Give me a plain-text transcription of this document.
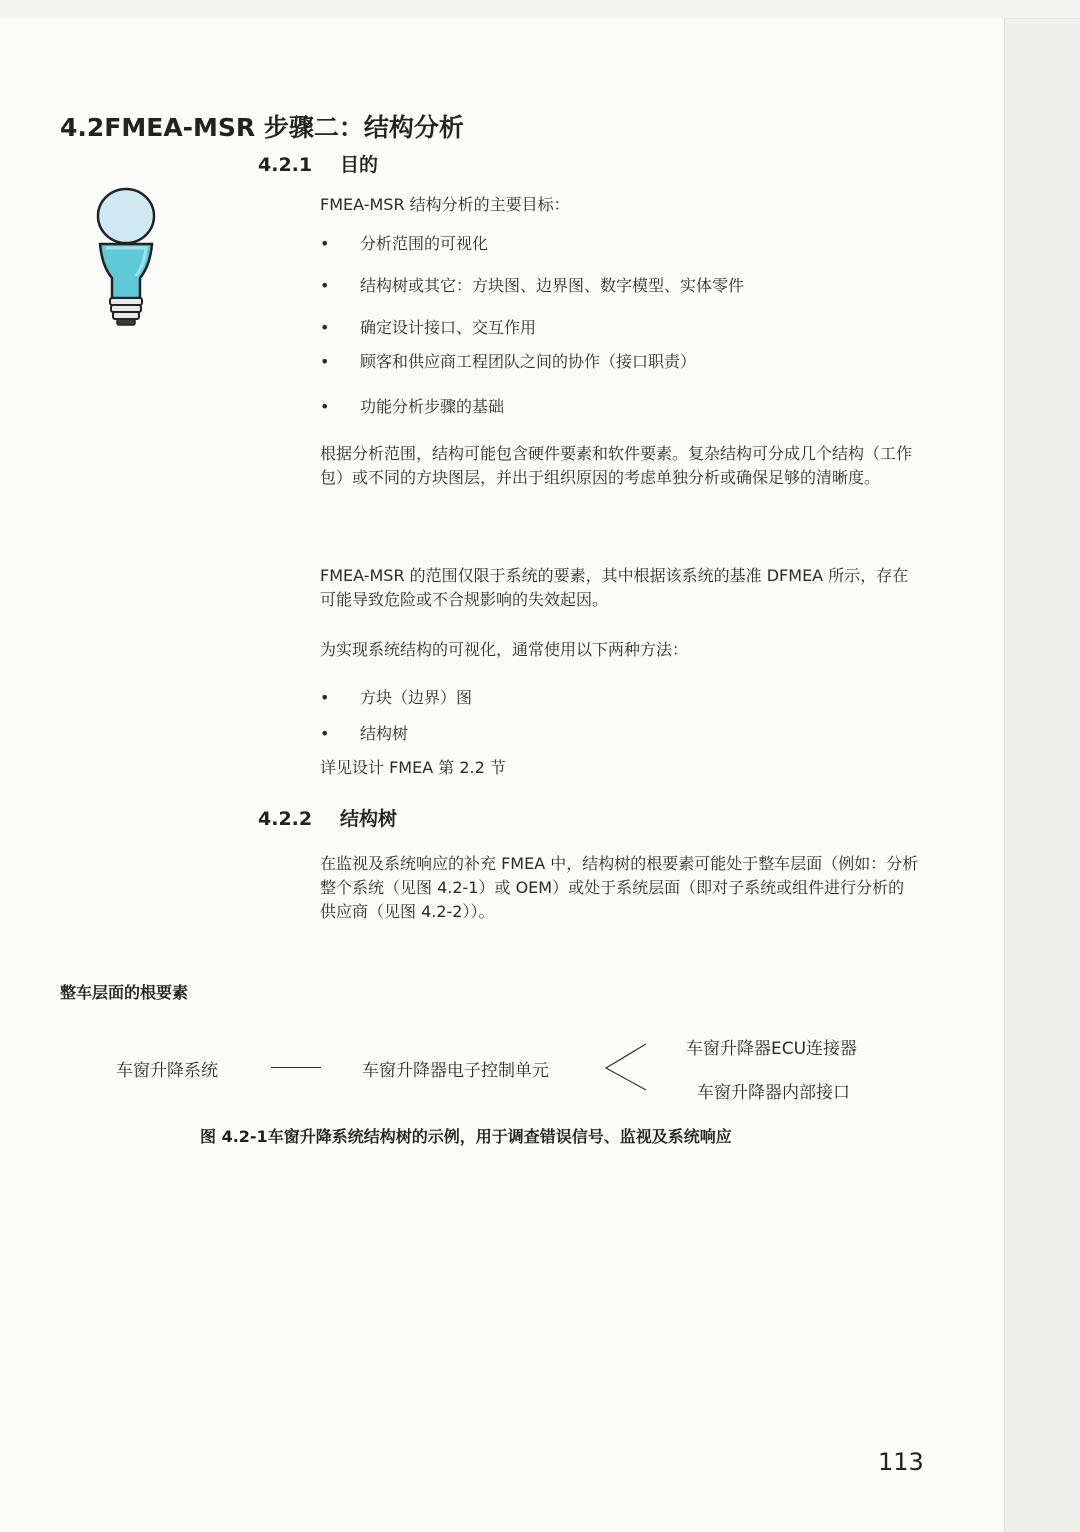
4.2FMEA-MSR 步骤二：结构分析
4.2.1 目的
FMEA-MSR 结构分析的主要目标：
• 分析范围的可视化
• 结构树或其它：方块图、边界图、数字模型、实体零件
• 确定设计接口、交互作用
• 顾客和供应商工程团队之间的协作（接口职责）
• 功能分析步骤的基础
根据分析范围，结构可能包含硬件要素和软件要素。复杂结构可分成几个结构（工作包）或不同的方块图层，并出于组织原因的考虑单独分析或确保足够的清晰度。
FMEA-MSR 的范围仅限于系统的要素，其中根据该系统的基准 DFMEA 所示，存在可能导致危险或不合规影响的失效起因。
为实现系统结构的可视化，通常使用以下两种方法：
• 方块（边界）图
• 结构树
详见设计 FMEA 第 2.2 节
4.2.2 结构树
在监视及系统响应的补充 FMEA 中，结构树的根要素可能处于整车层面（例如：分析整个系统（见图 4.2-1）或 OEM）或处于系统层面（即对子系统或组件进行分析的供应商（见图 4.2-2））。
整车层面的根要素
车窗升降系统	车窗升降器电子控制单元
车窗升降器ECU连接器
车窗升降器内部接口
图 4.2-1车窗升降系统结构树的示例，用于调查错误信号、监视及系统响应
113
